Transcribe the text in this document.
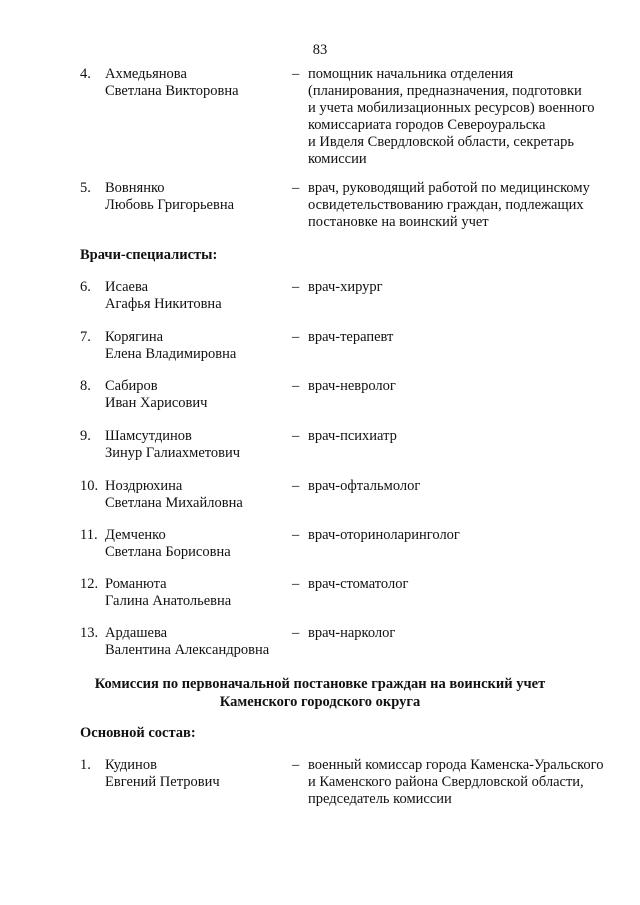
83
4. Ахмедьянова
Светлана Викторовна
– помощник начальника отделения
(планирования, предназначения, подготовки
и учета мобилизационных ресурсов) военного
комиссариата городов Североуральска
и Ивделя Свердловской области, секретарь
комиссии
5. Вовнянко
Любовь Григорьевна
– врач, руководящий работой по медицинскому
освидетельствованию граждан, подлежащих
постановке на воинский учет
Врачи-специалисты:
6. Исаева
Агафья Никитовна
– врач-хирург
7. Корягина
Елена Владимировна
– врач-терапевт
8. Сабиров
Иван Харисович
– врач-невролог
9. Шамсутдинов
Зинур Галиахметович
– врач-психиатр
10. Ноздрюхина
Светлана Михайловна
– врач-офтальмолог
11. Демченко
Светлана Борисовна
– врач-оториноларинголог
12. Романюта
Галина Анатольевна
– врач-стоматолог
13. Ардашева
Валентина Александровна
– врач-нарколог
Комиссия по первоначальной постановке граждан на воинский учет
Каменского городского округа
Основной состав:
1. Кудинов
Евгений Петрович
– военный комиссар города Каменска-Уральского
и Каменского района Свердловской области,
председатель комиссии
